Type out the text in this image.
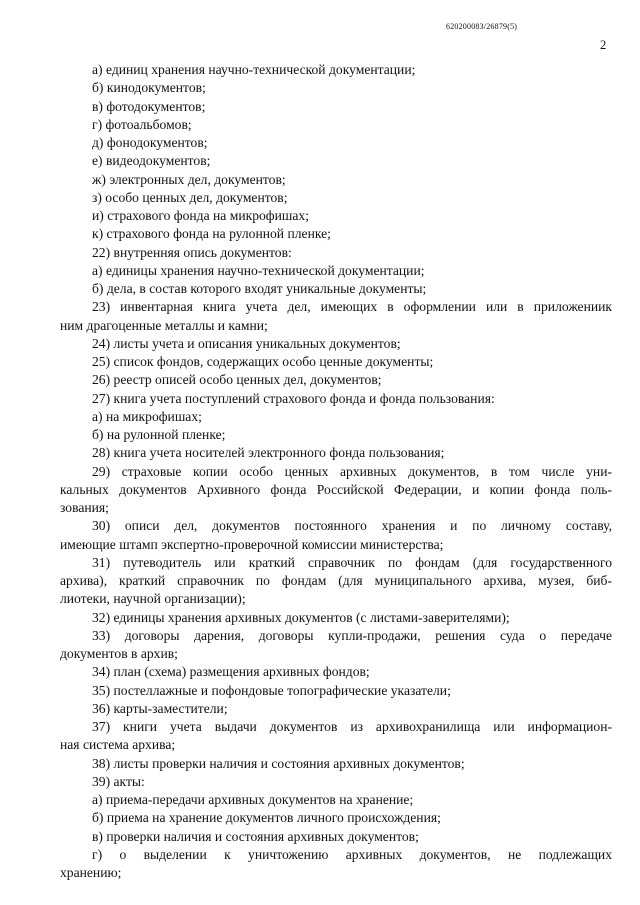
620200083/26879(5)
2
а) единиц хранения научно-технической документации;
б) кинодокументов;
в) фотодокументов;
г) фотоальбомов;
д) фонодокументов;
е) видеодокументов;
ж) электронных дел, документов;
з) особо ценных дел, документов;
и) страхового фонда на микрофишах;
к) страхового фонда на рулонной пленке;
22) внутренняя опись документов:
а) единицы хранения научно-технической документации;
б) дела, в состав которого входят уникальные документы;
23) инвентарная книга учета дел, имеющих в оформлении или в приложениик
ним драгоценные металлы и камни;
24) листы учета и описания уникальных документов;
25) список фондов, содержащих особо ценные документы;
26) реестр описей особо ценных дел, документов;
27) книга учета поступлений страхового фонда и фонда пользования:
а) на микрофишах;
б) на рулонной пленке;
28) книга учета носителей электронного фонда пользования;
29) страховые копии особо ценных архивных документов, в том числе уни-
кальных документов Архивного фонда Российской Федерации, и копии фонда поль-
зования;
30) описи дел, документов постоянного хранения и по личному составу,
имеющие штамп экспертно-проверочной комиссии министерства;
31) путеводитель или краткий справочник по фондам (для государственного
архива), краткий справочник по фондам (для муниципального архива, музея, биб-
лиотеки, научной организации);
32) единицы хранения архивных документов (с листами-заверителями);
33) договоры дарения, договоры купли-продажи, решения суда о передаче
документов в архив;
34) план (схема) размещения архивных фондов;
35) постеллажные и пофондовые топографические указатели;
36) карты-заместители;
37) книги учета выдачи документов из архивохранилища или информацион-
ная система архива;
38) листы проверки наличия и состояния архивных документов;
39) акты:
а) приема-передачи архивных документов на хранение;
б) приема на хранение документов личного происхождения;
в) проверки наличия и состояния архивных документов;
г) о выделении к уничтожению архивных документов, не подлежащих
хранению;
